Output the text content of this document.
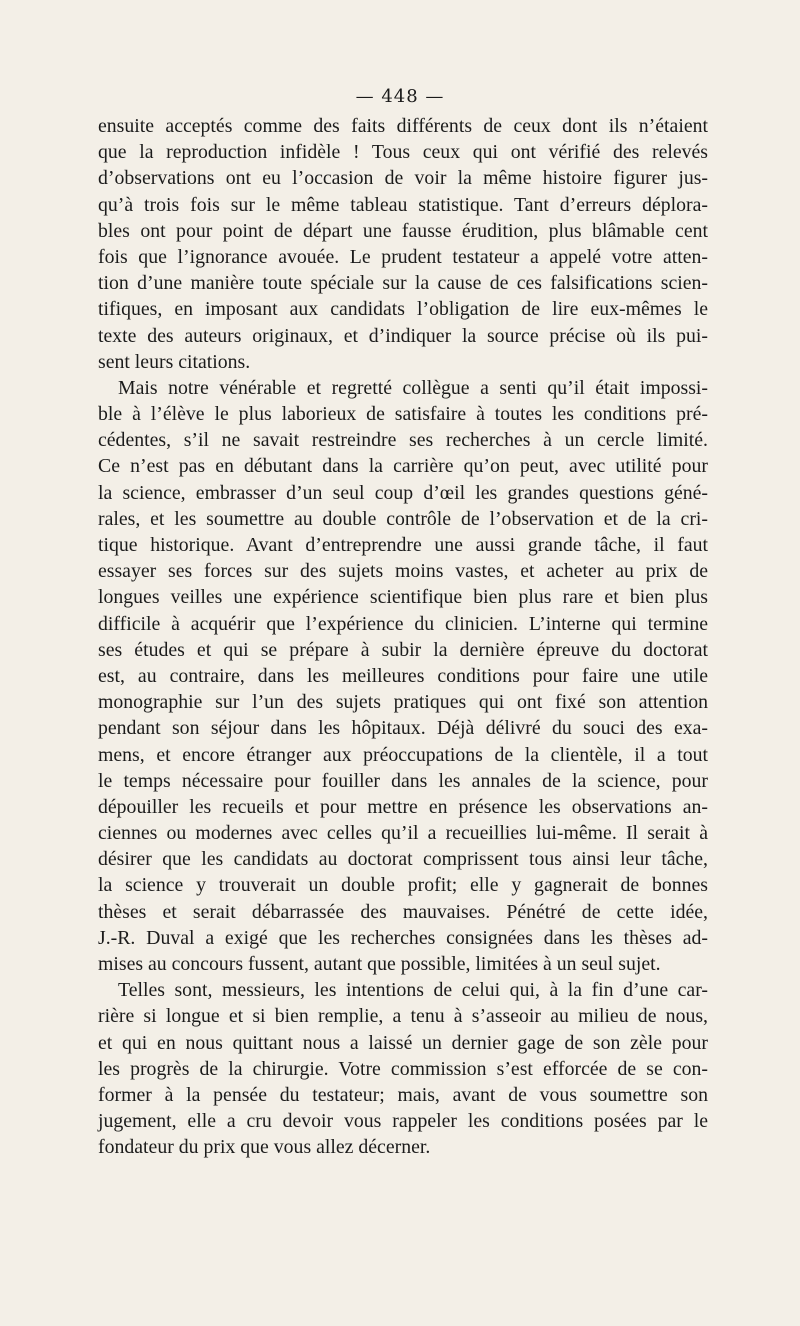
— 448 —
ensuite acceptés comme des faits différents de ceux dont ils n’étaient
que la reproduction infidèle ! Tous ceux qui ont vérifié des relevés
d’observations ont eu l’occasion de voir la même histoire figurer jus-
qu’à trois fois sur le même tableau statistique. Tant d’erreurs déplora-
bles ont pour point de départ une fausse érudition, plus blâmable cent
fois que l’ignorance avouée. Le prudent testateur a appelé votre atten-
tion d’une manière toute spéciale sur la cause de ces falsifications scien-
tifiques, en imposant aux candidats l’obligation de lire eux-mêmes le
texte des auteurs originaux, et d’indiquer la source précise où ils pui-
sent leurs citations.
Mais notre vénérable et regretté collègue a senti qu’il était impossi-
ble à l’élève le plus laborieux de satisfaire à toutes les conditions pré-
cédentes, s’il ne savait restreindre ses recherches à un cercle limité.
Ce n’est pas en débutant dans la carrière qu’on peut, avec utilité pour
la science, embrasser d’un seul coup d’œil les grandes questions géné-
rales, et les soumettre au double contrôle de l’observation et de la cri-
tique historique. Avant d’entreprendre une aussi grande tâche, il faut
essayer ses forces sur des sujets moins vastes, et acheter au prix de
longues veilles une expérience scientifique bien plus rare et bien plus
difficile à acquérir que l’expérience du clinicien. L’interne qui termine
ses études et qui se prépare à subir la dernière épreuve du doctorat
est, au contraire, dans les meilleures conditions pour faire une utile
monographie sur l’un des sujets pratiques qui ont fixé son attention
pendant son séjour dans les hôpitaux. Déjà délivré du souci des exa-
mens, et encore étranger aux préoccupations de la clientèle, il a tout
le temps nécessaire pour fouiller dans les annales de la science, pour
dépouiller les recueils et pour mettre en présence les observations an-
ciennes ou modernes avec celles qu’il a recueillies lui-même. Il serait à
désirer que les candidats au doctorat comprissent tous ainsi leur tâche,
la science y trouverait un double profit; elle y gagnerait de bonnes
thèses et serait débarrassée des mauvaises. Pénétré de cette idée,
J.-R. Duval a exigé que les recherches consignées dans les thèses ad-
mises au concours fussent, autant que possible, limitées à un seul sujet.
Telles sont, messieurs, les intentions de celui qui, à la fin d’une car-
rière si longue et si bien remplie, a tenu à s’asseoir au milieu de nous,
et qui en nous quittant nous a laissé un dernier gage de son zèle pour
les progrès de la chirurgie. Votre commission s’est efforcée de se con-
former à la pensée du testateur; mais, avant de vous soumettre son
jugement, elle a cru devoir vous rappeler les conditions posées par le
fondateur du prix que vous allez décerner.
